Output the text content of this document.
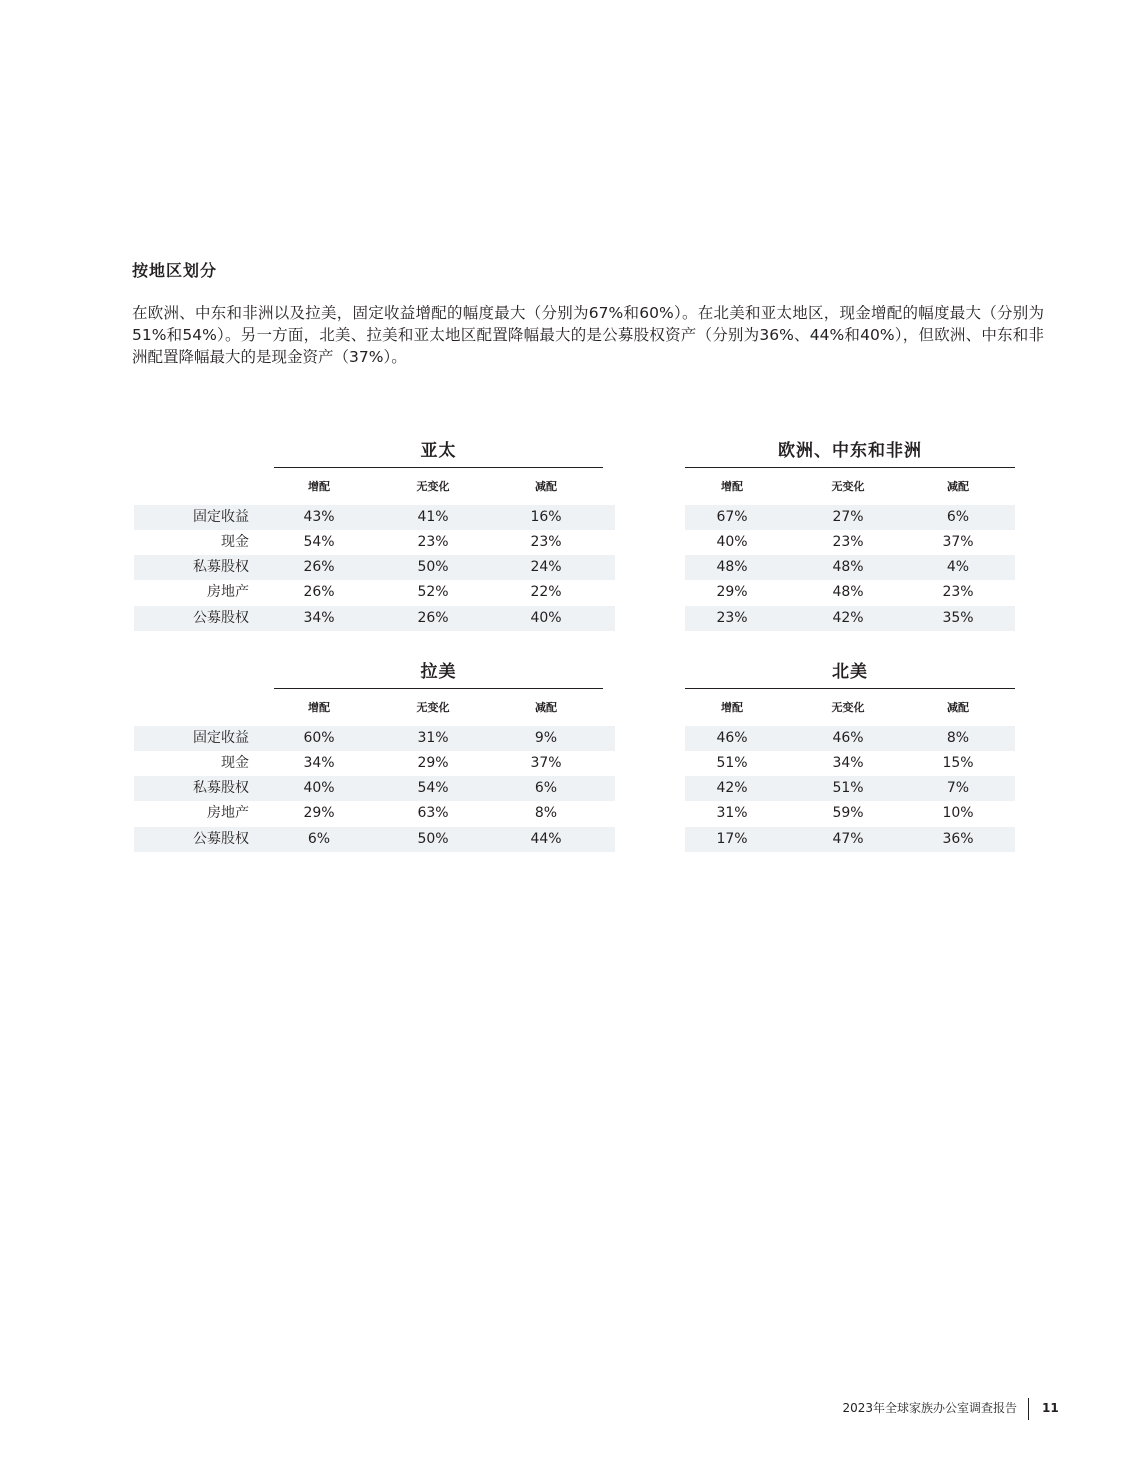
按地区划分

在欧洲、中东和非洲以及拉美，固定收益增配的幅度最大（分别为67%和60%）。在北美和亚太地区，现金增配的幅度最大（分别为51%和54%）。另一方面，北美、拉美和亚太地区配置降幅最大的是公募股权资产（分别为36%、44%和40%），但欧洲、中东和非洲配置降幅最大的是现金资产（37%）。

亚太
增配	无变化	减配
固定收益	43%	41%	16%
现金	54%	23%	23%
私募股权	26%	50%	24%
房地产	26%	52%	22%
公募股权	34%	26%	40%
欧洲、中东和非洲
增配	无变化	减配
67%	27%	6%
40%	23%	37%
48%	48%	4%
29%	48%	23%
23%	42%	35%
拉美
增配	无变化	减配
固定收益	60%	31%	9%
现金	34%	29%	37%
私募股权	40%	54%	6%
房地产	29%	63%	8%
公募股权	6%	50%	44%
北美
增配	无变化	减配
46%	46%	8%
51%	34%	15%
42%	51%	7%
31%	59%	10%
17%	47%	36%
2023年全球家族办公室调查报告 11
